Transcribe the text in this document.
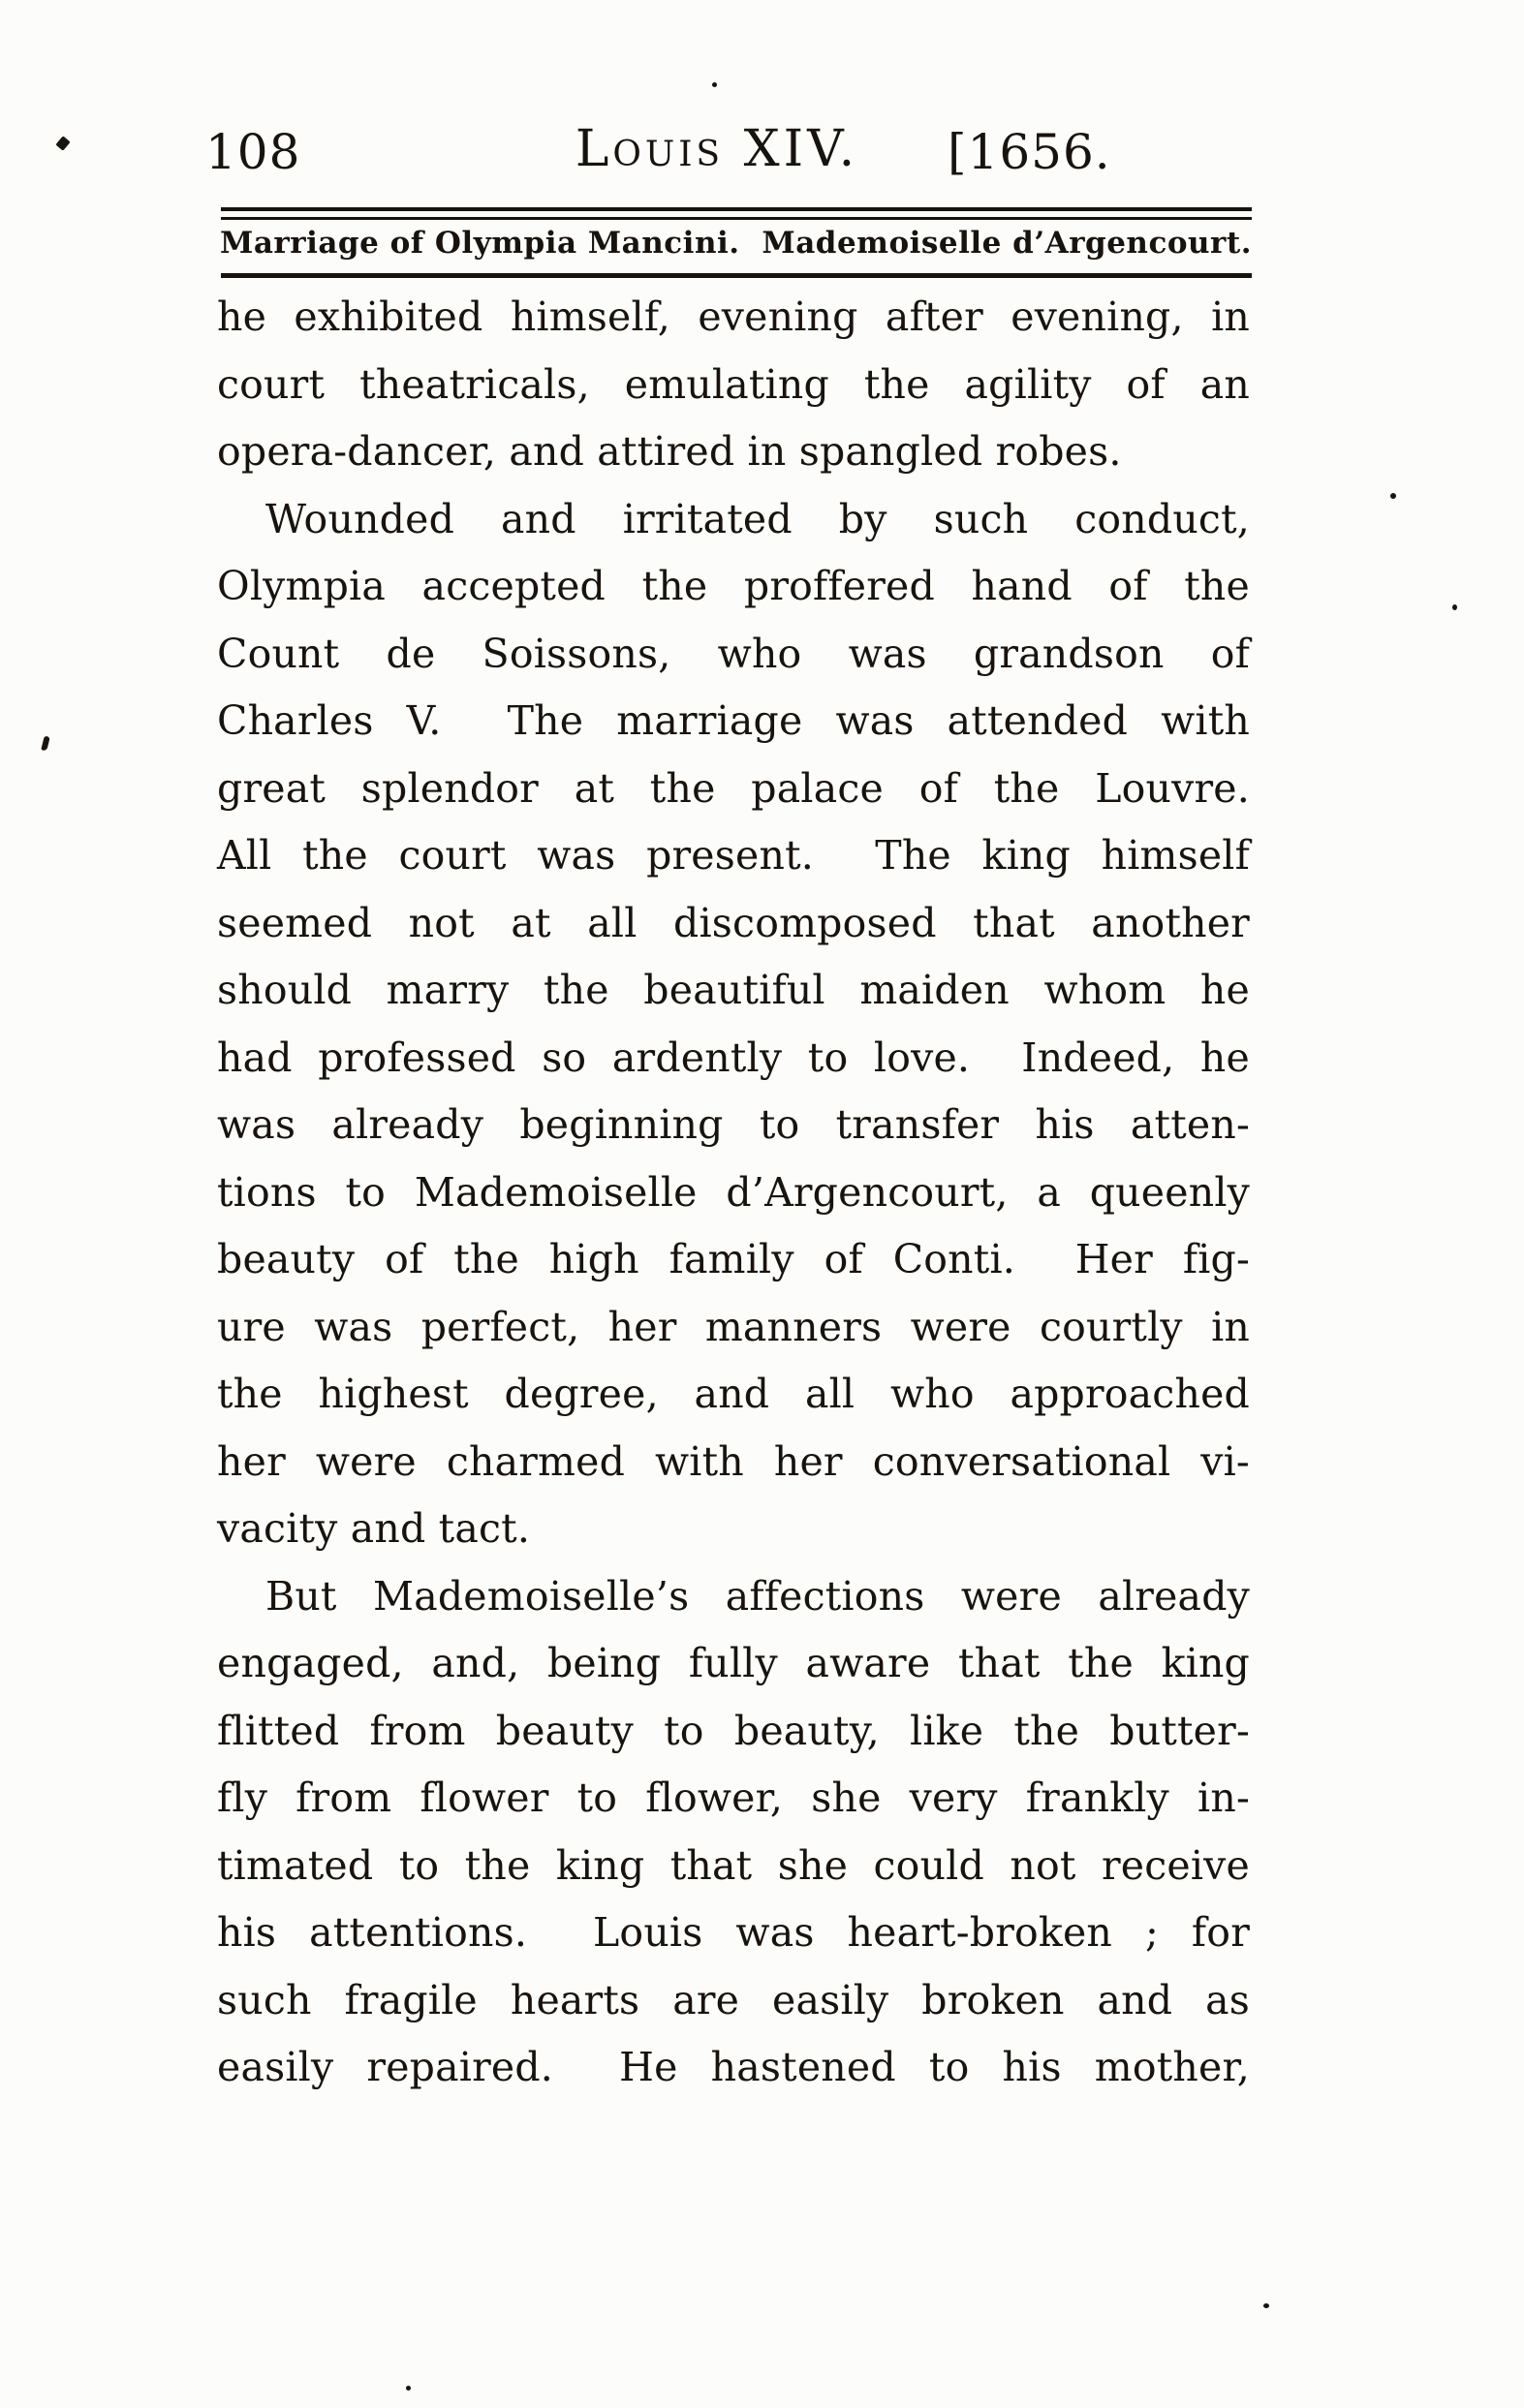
108	Louis XIV. [1656.
Marriage of Olympia Mancini. Mademoiselle d’Argencourt.
he exhibited himself, evening after evening, in
court theatricals, emulating the agility of an
opera-dancer, and attired in spangled robes.
Wounded and irritated by such conduct,
Olympia accepted the proffered hand of the
Count de Soissons, who was grandson of
Charles V.  The marriage was attended with
great splendor at the palace of the Louvre.
All the court was present.  The king himself
seemed not at all discomposed that another
should marry the beautiful maiden whom he
had professed so ardently to love.  Indeed, he
was already beginning to transfer his atten-
tions to Mademoiselle d’Argencourt, a queenly
beauty of the high family of Conti.  Her fig-
ure was perfect, her manners were courtly in
the highest degree, and all who approached
her were charmed with her conversational vi-
vacity and tact.
But Mademoiselle’s affections were already
engaged, and, being fully aware that the king
flitted from beauty to beauty, like the butter-
fly from flower to flower, she very frankly in-
timated to the king that she could not receive
his attentions.  Louis was heart-broken ; for
such fragile hearts are easily broken and as
easily repaired.  He hastened to his mother,
